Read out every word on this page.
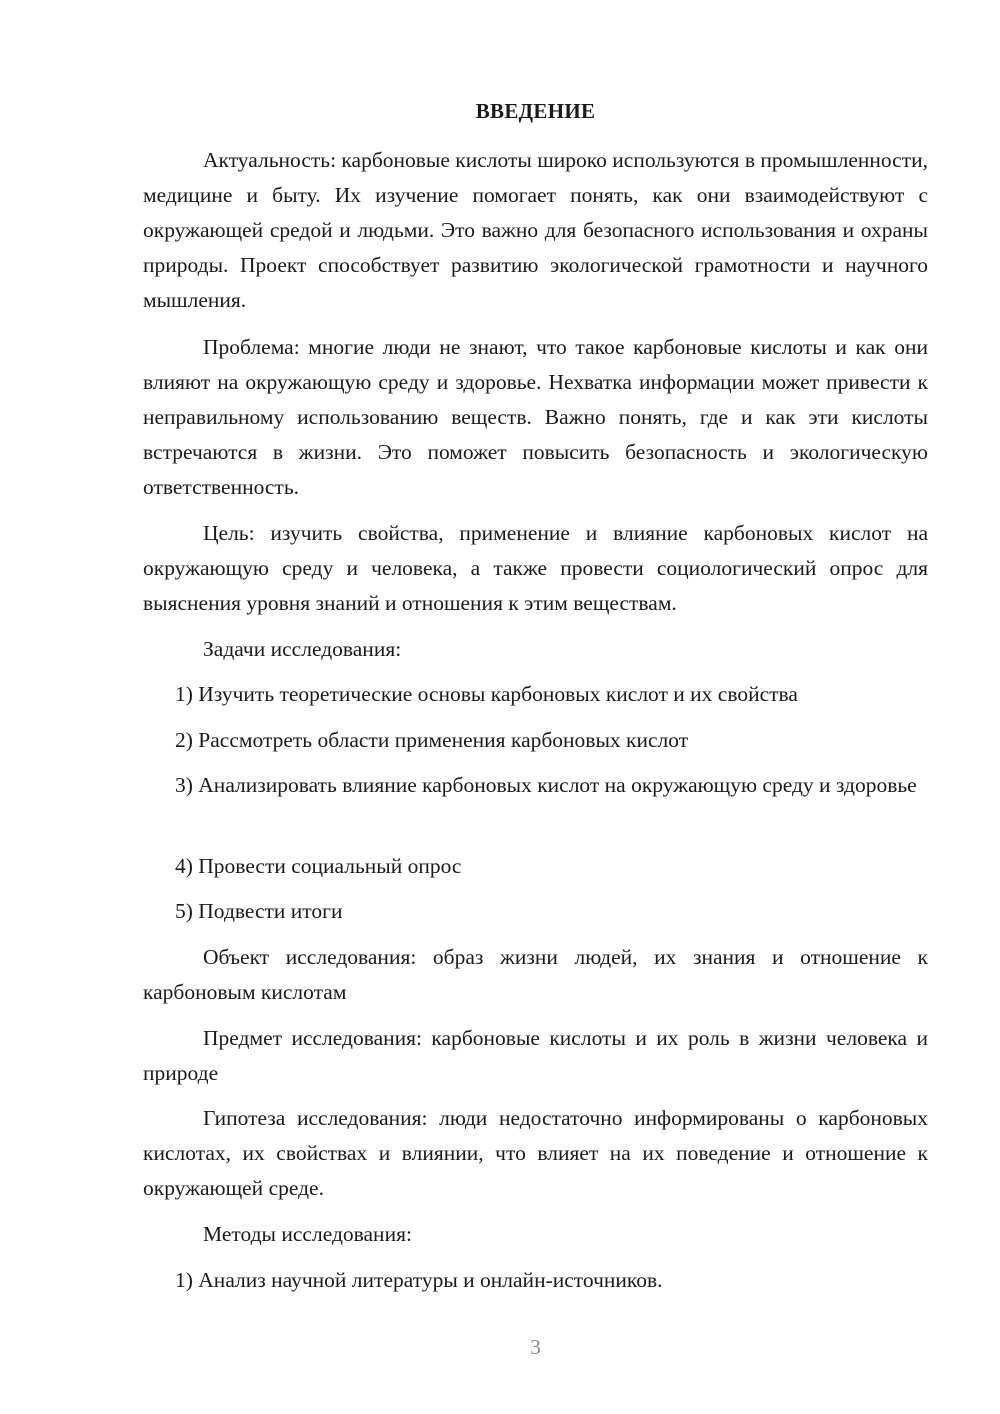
ВВЕДЕНИЕ

Актуальность: карбоновые кислоты широко используются в промышленности, медицине и быту. Их изучение помогает понять, как они взаимодействуют с окружающей средой и людьми. Это важно для безопасного использования и охраны природы. Проект способствует развитию экологической грамотности и научного мышления.

Проблема: многие люди не знают, что такое карбоновые кислоты и как они влияют на окружающую среду и здоровье. Нехватка информации может привести к неправильному использованию веществ. Важно понять, где и как эти кислоты встречаются в жизни. Это поможет повысить безопасность и экологическую ответственность.

Цель: изучить свойства, применение и влияние карбоновых кислот на окружающую среду и человека, а также провести социологический опрос для выяснения уровня знаний и отношения к этим веществам.

Задачи исследования:

1) Изучить теоретические основы карбоновых кислот и их свойства

2) Рассмотреть области применения карбоновых кислот

3) Анализировать влияние карбоновых кислот на окружающую среду и здоровье

4) Провести социальный опрос

5) Подвести итоги

Объект исследования: образ жизни людей, их знания и отношение к карбоновым кислотам

Предмет исследования: карбоновые кислоты и их роль в жизни человека и природе

Гипотеза исследования: люди недостаточно информированы о карбоновых кислотах, их свойствах и влиянии, что влияет на их поведение и отношение к окружающей среде.

Методы исследования:

1) Анализ научной литературы и онлайн-источников.

3
